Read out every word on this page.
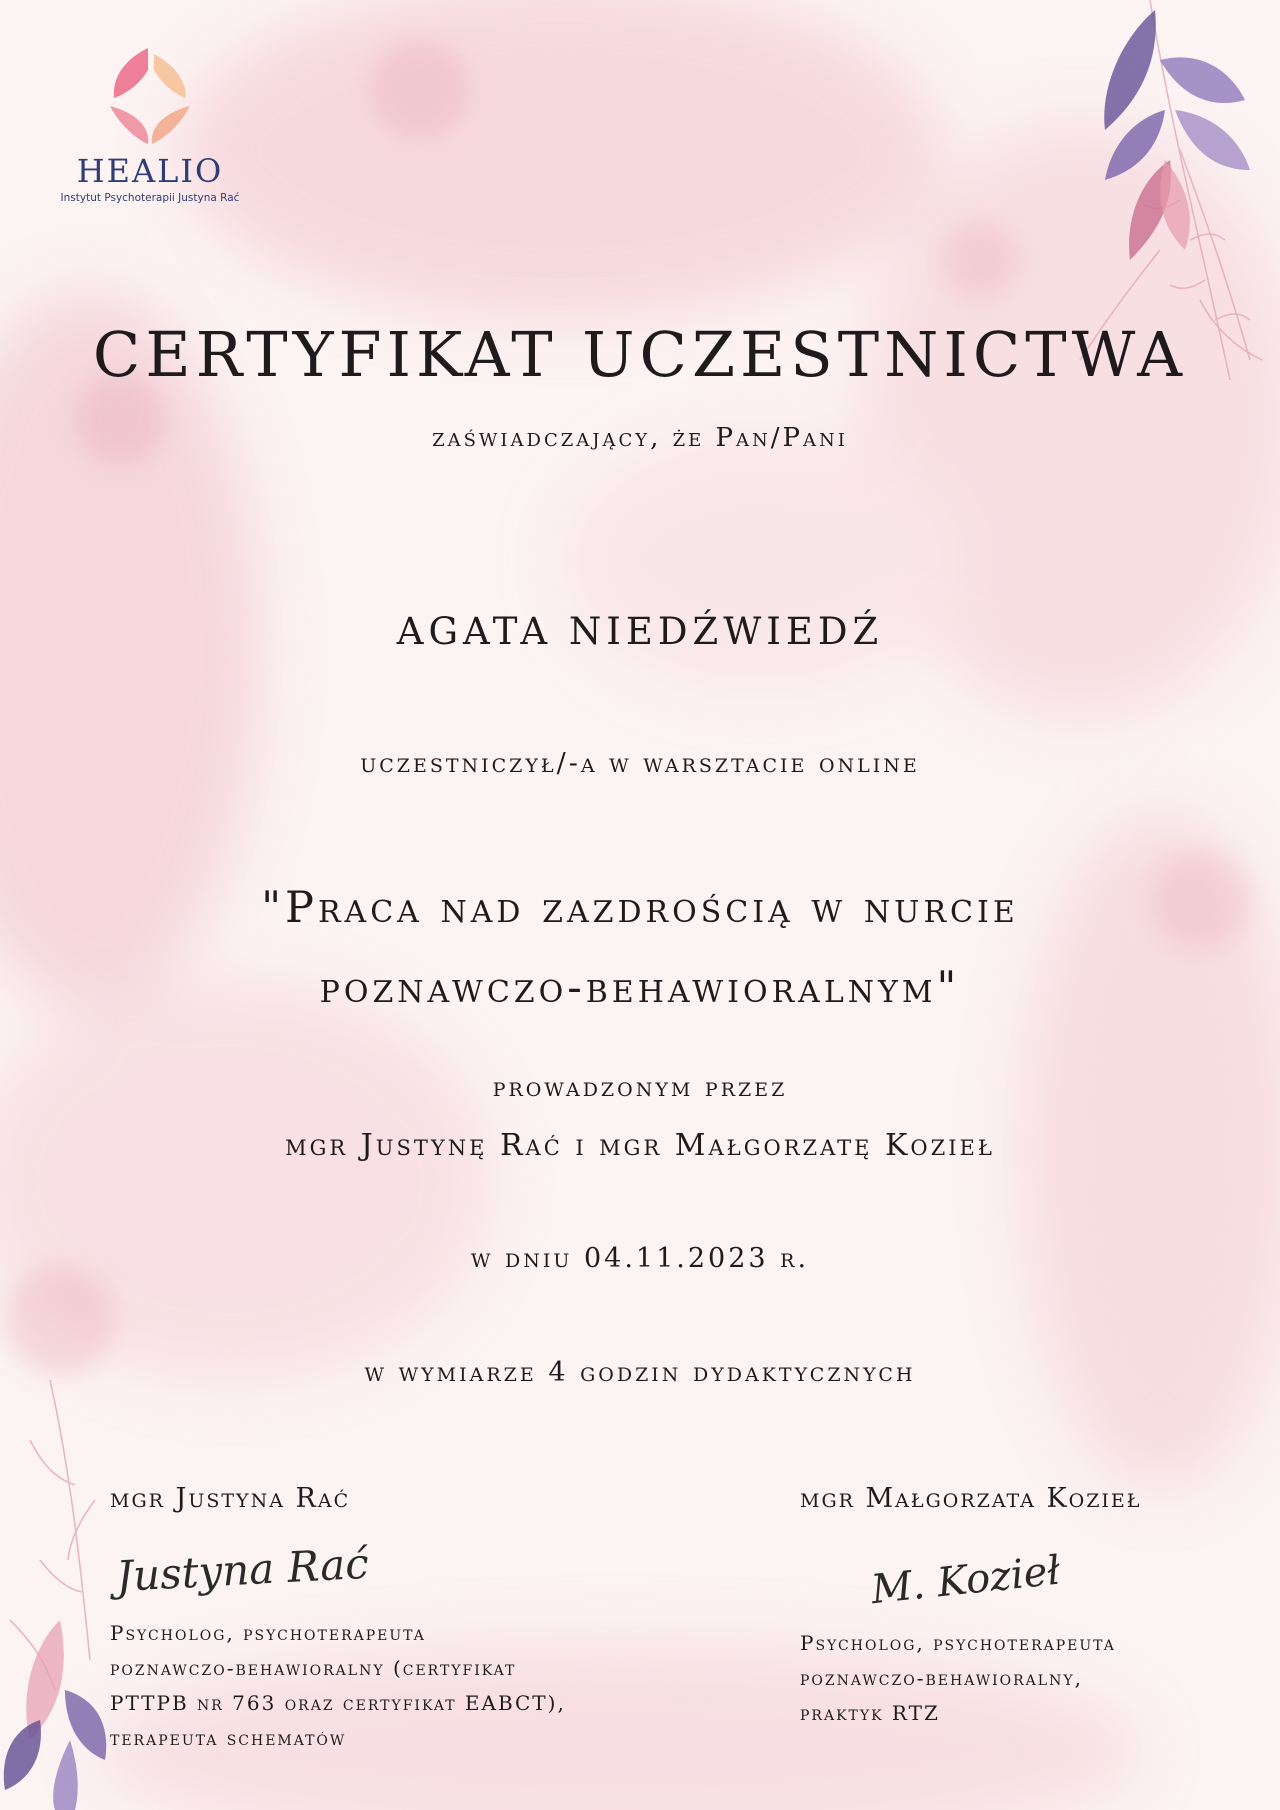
HEALIO
Instytut Psychoterapii Justyna Rać
CERTYFIKAT UCZESTNICTWA
zaświadczający, że Pan/Pani
AGATA NIEDŹWIEDŹ
uczestniczył/-a w warsztacie online
"Praca nad zazdrością w nurcie
poznawczo-behawioralnym"
prowadzonym przez
mgr Justynę Rać i mgr Małgorzatę Kozieł
w dniu 04.11.2023 r.
w wymiarze 4 godzin dydaktycznych
mgr Justyna Rać
Justyna Rać
Psycholog, psychoterapeuta
poznawczo-behawioralny (certyfikat
PTTPB nr 763 oraz certyfikat EABCT),
terapeuta schematów
mgr Małgorzata Kozieł
M. Kozieł
Psycholog, psychoterapeuta
poznawczo-behawioralny,
praktyk RTZ
